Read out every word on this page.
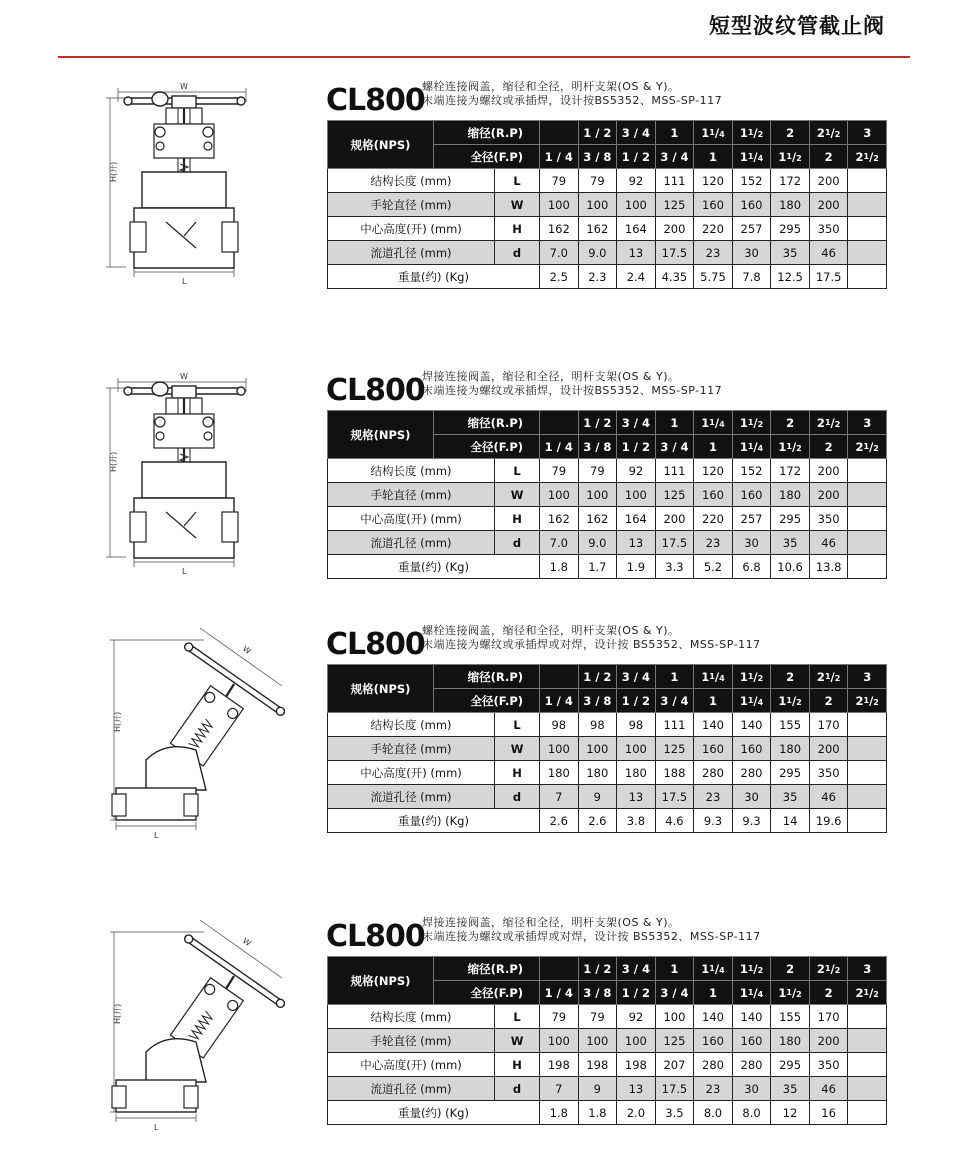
短型波纹管截止阀
W
H(开)
L
CL800
螺栓连接阀盖，缩径和全径，明杆支架(OS & Y)。
末端连接为螺纹或承插焊，设计按BS5352、MSS-SP-117
规格(NPS)	缩径(R.P)			1 / 2	3 / 4	1	$1^1/4$	$1^1/2$	2	$2^1/2$	3
	全径(F.P)		1 / 4	3 / 8	1 / 2	3 / 4	1	$1^1/4$	$1^1/2$	2	$2^1/2$
结构长度 (mm)		L	79	79	92	111	120	152	172	200	
手轮直径 (mm)		W	100	100	100	125	160	160	180	200	
中心高度(开) (mm)		H	162	162	164	200	220	257	295	350	
流道孔径 (mm)		d	7.0	9.0	13	17.5	23	30	35	46	
重量(约) (Kg)			2.5	2.3	2.4	4.35	5.75	7.8	12.5	17.5	
W
H(开)
L
CL800
焊接连接阀盖，缩径和全径，明杆支架(OS & Y)。
末端连接为螺纹或承插焊，设计按BS5352、MSS-SP-117
规格(NPS)	缩径(R.P)			1 / 2	3 / 4	1	$1^1/4$	$1^1/2$	2	$2^1/2$	3
	全径(F.P)		1 / 4	3 / 8	1 / 2	3 / 4	1	$1^1/4$	$1^1/2$	2	$2^1/2$
结构长度 (mm)		L	79	79	92	111	120	152	172	200	
手轮直径 (mm)		W	100	100	100	125	160	160	180	200	
中心高度(开) (mm)		H	162	162	164	200	220	257	295	350	
流道孔径 (mm)		d	7.0	9.0	13	17.5	23	30	35	46	
重量(约) (Kg)			1.8	1.7	1.9	3.3	5.2	6.8	10.6	13.8	
H(开)
W
L
CL800
螺栓连接阀盖，缩径和全径，明杆支架(OS & Y)。
末端连接为螺纹或承插焊或对焊，设计按 BS5352、MSS-SP-117
规格(NPS)	缩径(R.P)			1 / 2	3 / 4	1	$1^1/4$	$1^1/2$	2	$2^1/2$	3
	全径(F.P)		1 / 4	3 / 8	1 / 2	3 / 4	1	$1^1/4$	$1^1/2$	2	$2^1/2$
结构长度 (mm)		L	98	98	98	111	140	140	155	170	
手轮直径 (mm)		W	100	100	100	125	160	160	180	200	
中心高度(开) (mm)		H	180	180	180	188	280	280	295	350	
流道孔径 (mm)		d	7	9	13	17.5	23	30	35	46	
重量(约) (Kg)			2.6	2.6	3.8	4.6	9.3	9.3	14	19.6	
H(开)
W
L
CL800
焊接连接阀盖，缩径和全径，明杆支架(OS & Y)。
末端连接为螺纹或承插焊或对焊，设计按 BS5352、MSS-SP-117
规格(NPS)	缩径(R.P)			1 / 2	3 / 4	1	$1^1/4$	$1^1/2$	2	$2^1/2$	3
	全径(F.P)		1 / 4	3 / 8	1 / 2	3 / 4	1	$1^1/4$	$1^1/2$	2	$2^1/2$
结构长度 (mm)		L	79	79	92	100	140	140	155	170	
手轮直径 (mm)		W	100	100	100	125	160	160	180	200	
中心高度(开) (mm)		H	198	198	198	207	280	280	295	350	
流道孔径 (mm)		d	7	9	13	17.5	23	30	35	46	
重量(约) (Kg)			1.8	1.8	2.0	3.5	8.0	8.0	12	16	
